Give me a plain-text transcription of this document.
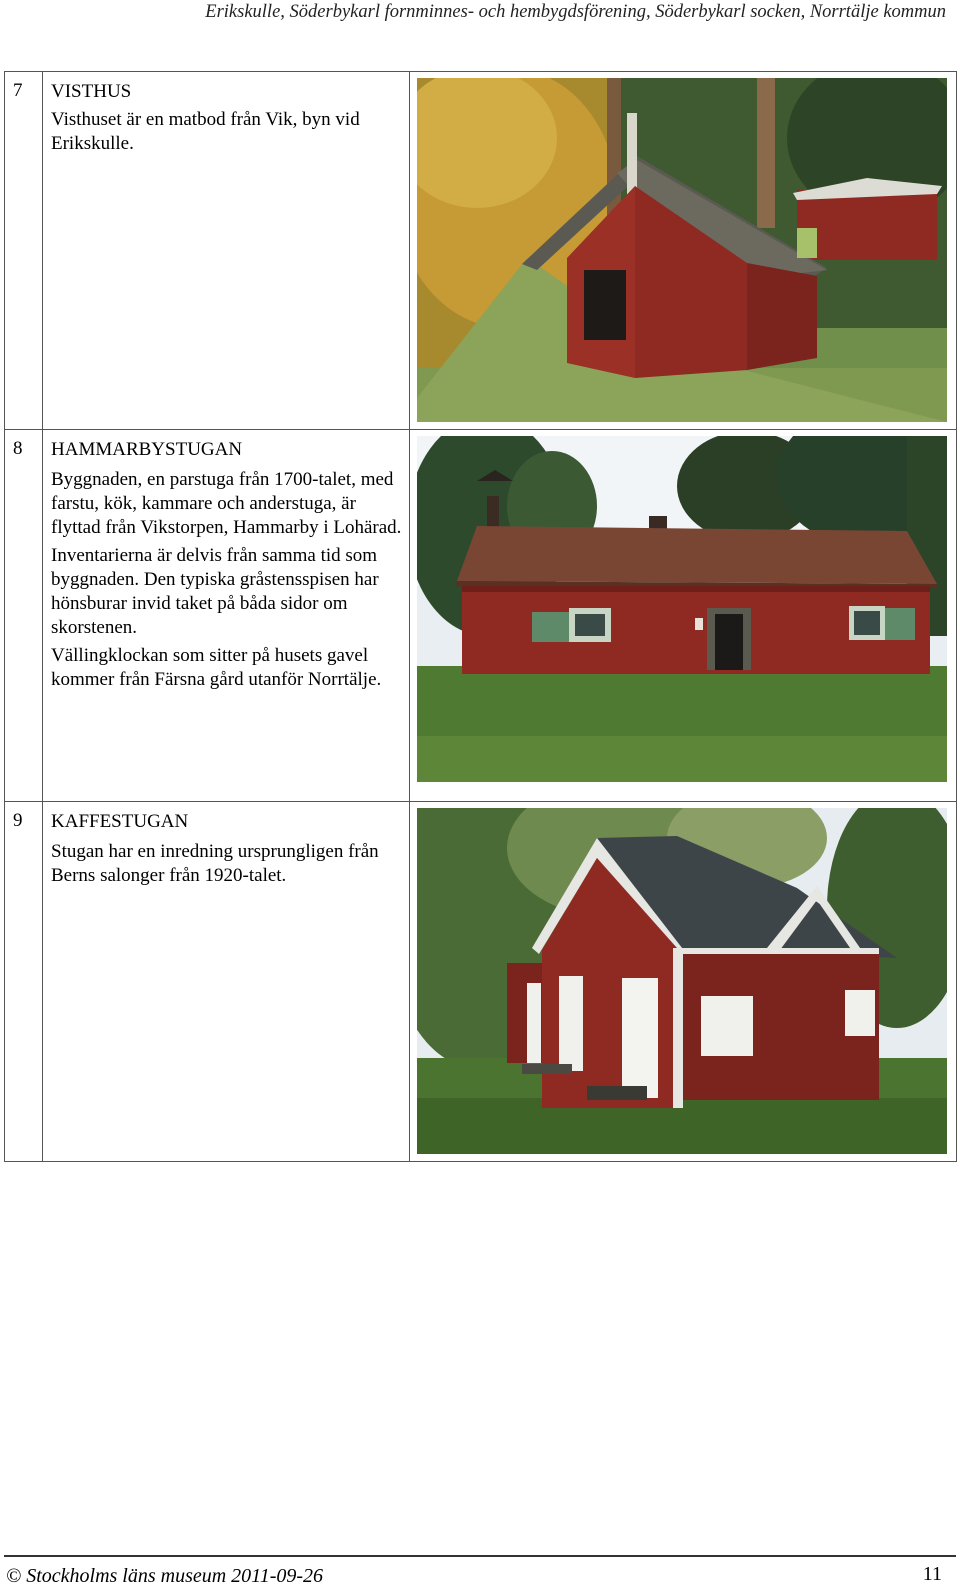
Erikskulle, Söderbykarl fornminnes- och hembygdsförening, Söderbykarl socken, Norrtälje kommun
7	VISTHUS

Visthuset är en matbod från Vik, byn vid Erikskulle.

8	HAMMARBYSTUGAN

Byggnaden, en parstuga från 1700-talet, med farstu, kök, kammare och anderstuga, är flyttad från Vikstorpen, Hammarby i Lohärad.

Inventarierna är delvis från samma tid som byggnaden. Den typiska gråstensspisen har hönsburar invid taket på båda sidor om skorstenen.

Vällingklockan som sitter på husets gavel kommer från Färsna gård utanför Norrtälje.

9	KAFFESTUGAN

Stugan har en inredning ursprungligen från Berns salonger från 1920-talet.

© Stockholms läns museum 2011-09-26	11
